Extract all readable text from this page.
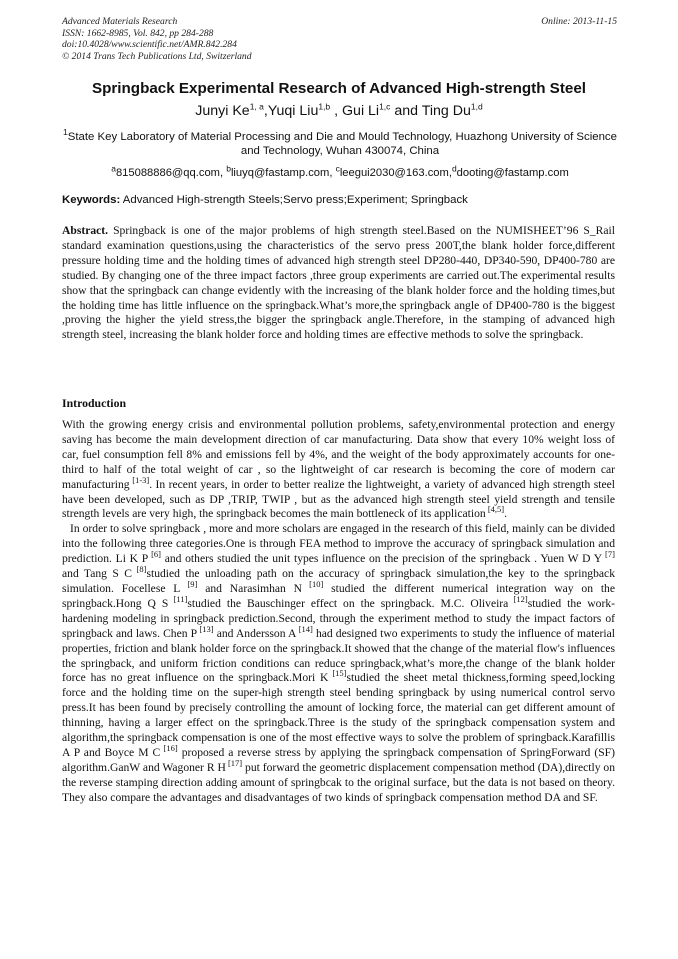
Advanced Materials Research
ISSN: 1662-8985, Vol. 842, pp 284-288
doi:10.4028/www.scientific.net/AMR.842.284
© 2014 Trans Tech Publications Ltd, Switzerland
Online: 2013-11-15
Springback Experimental Research of Advanced High-strength Steel
Junyi Ke$^{1, a}$,Yuqi Liu$^{1,b}$ , Gui Li$^{1,c}$ and Ting Du$^{1,d}$
$^1$State Key Laboratory of Material Processing and Die and Mould Technology, Huazhong University of Science and Technology, Wuhan 430074, China
$^a$815088886@qq.com, $^b$liuyq@fastamp.com, $^c$leegui2030@163.com,$^d$dooting@fastamp.com
Keywords: Advanced High-strength Steels;Servo press;Experiment; Springback
Abstract. Springback is one of the major problems of high strength steel.Based on the NUMISHEET’96 S_Rail standard examination questions,using the characteristics of the servo press 200T,the blank holder force,different pressure holding time and the holding times of advanced high strength steel DP280-440, DP340-590, DP400-780 are studied. By changing one of the three impact factors ,three group experiments are carried out.The experimental results show that the springback can change evidently with the increasing of the blank holder force and the holding times,but the holding time has little influence on the springback.What’s more,the springback angle of DP400-780 is the biggest ,proving the higher the yield stress,the bigger the springback angle.Therefore, in the stamping of advanced high strength steel, increasing the blank holder force and holding times are effective methods to solve the springback.
Introduction

With the growing energy crisis and environmental pollution problems, safety,environmental protection and energy saving has become the main development direction of car manufacturing. Data show that every 10% weight loss of car, fuel consumption fell 8% and emissions fell by 4%, and the weight of the body approximately accounts for one-third to half of the total weight of car , so the lightweight of car research is becoming the core of modern car manufacturing [1-3]. In recent years, in order to better realize the lightweight, a variety of advanced high strength steel have been developed, such as DP ,TRIP, TWIP , but as the advanced high strength steel yield strength and tensile strength levels are very high, the springback becomes the main bottleneck of its application [4,5].

In order to solve springback , more and more scholars are engaged in the research of this field, mainly can be divided into the following three categories.One is through FEA method to improve the accuracy of springback simulation and prediction. Li K P [6] and others studied the unit types influence on the precision of the springback . Yuen W D Y [7] and Tang S C [8]studied the unloading path on the accuracy of springback simulation,the key to the springback simulation. Focellese L [9] and Narasimhan N [10] studied the different numerical integration way on the springback.Hong Q S [11]studied the Bauschinger effect on the springback. M.C. Oliveira [12]studied the work-hardening modeling in springback prediction.Second, through the experiment method to study the impact factors of springback and laws. Chen P [13] and Andersson A [14] had designed two experiments to study the influence of material properties, friction and blank holder force on the springback.It showed that the change of the material flow's influences the springback, and uniform friction conditions can reduce springback,what’s more,the change of the blank holder force has no great influence on the springback.Mori K [15]studied the sheet metal thickness,forming speed,locking force and the holding time on the super-high strength steel bending springback by using numerical control servo press.It has been found by precisely controlling the amount of locking force, the material can get different amount of thinning, having a larger effect on the springback.Three is the study of the springback compensation system and algorithm,the springback compensation is one of the most effective ways to solve the problem of springback.Karafillis A P and Boyce M C [16] proposed a reverse stress by applying the springback compensation of SpringForward (SF) algorithm.GanW and Wagoner R H [17] put forward the geometric displacement compensation method (DA),directly on the reverse stamping direction adding amount of springbcak to the original surface, but the data is not based on theory. They also compare the advantages and disadvantages of two kinds of springback compensation method DA and SF.
